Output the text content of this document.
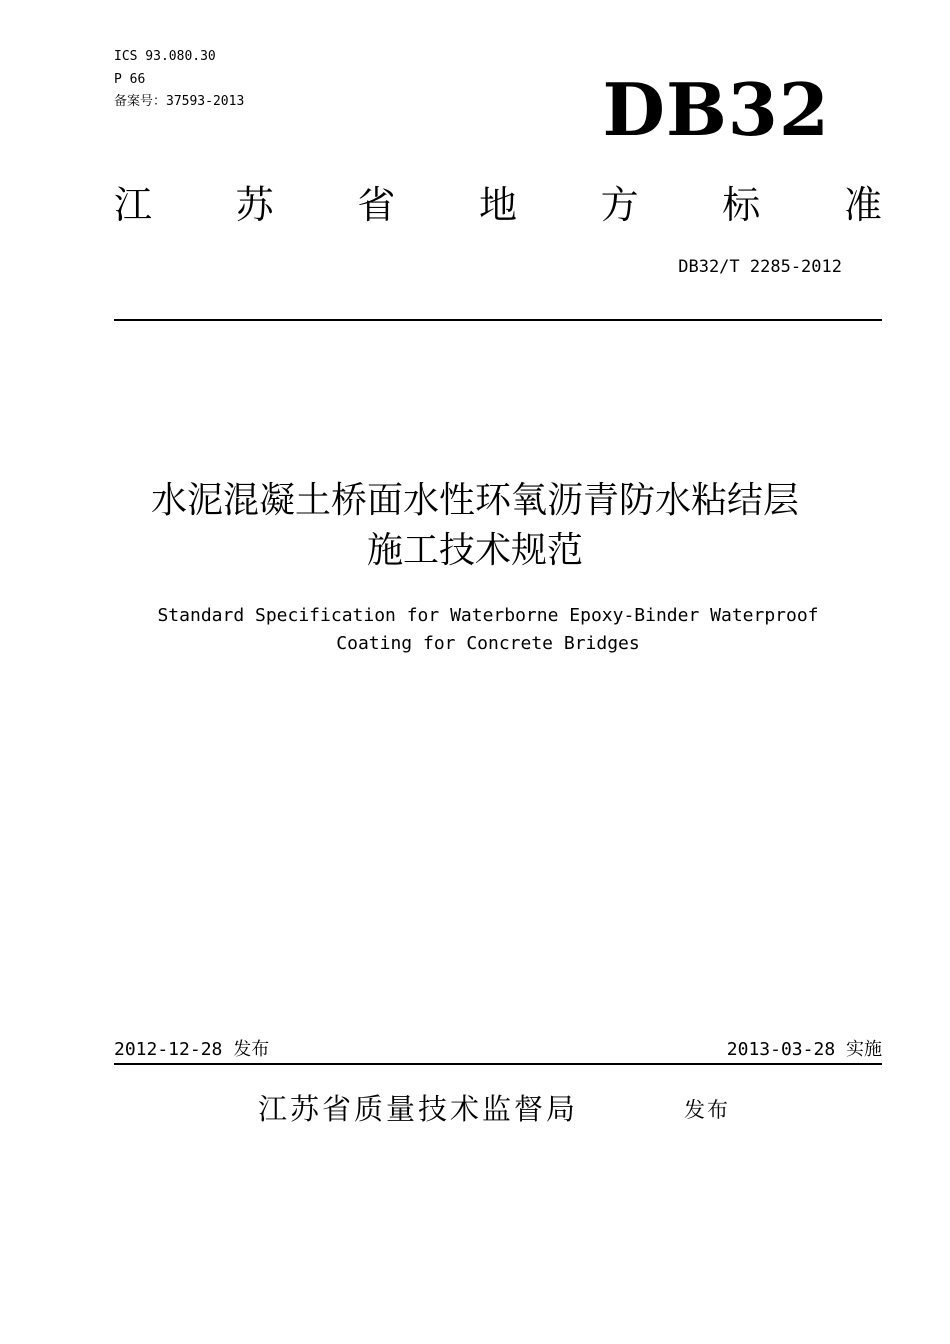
ICS 93.080.30
P 66
备案号：37593-2013	DB32
江 苏 省 地 方 标 准
DB32/T 2285-2012
水泥混凝土桥面水性环氧沥青防水粘结层
施工技术规范
Standard Specification for Waterborne Epoxy-Binder Waterproof
Coating for Concrete Bridges
2012-12-28 发布	2013-03-28 实施
江苏省质量技术监督局	发布
